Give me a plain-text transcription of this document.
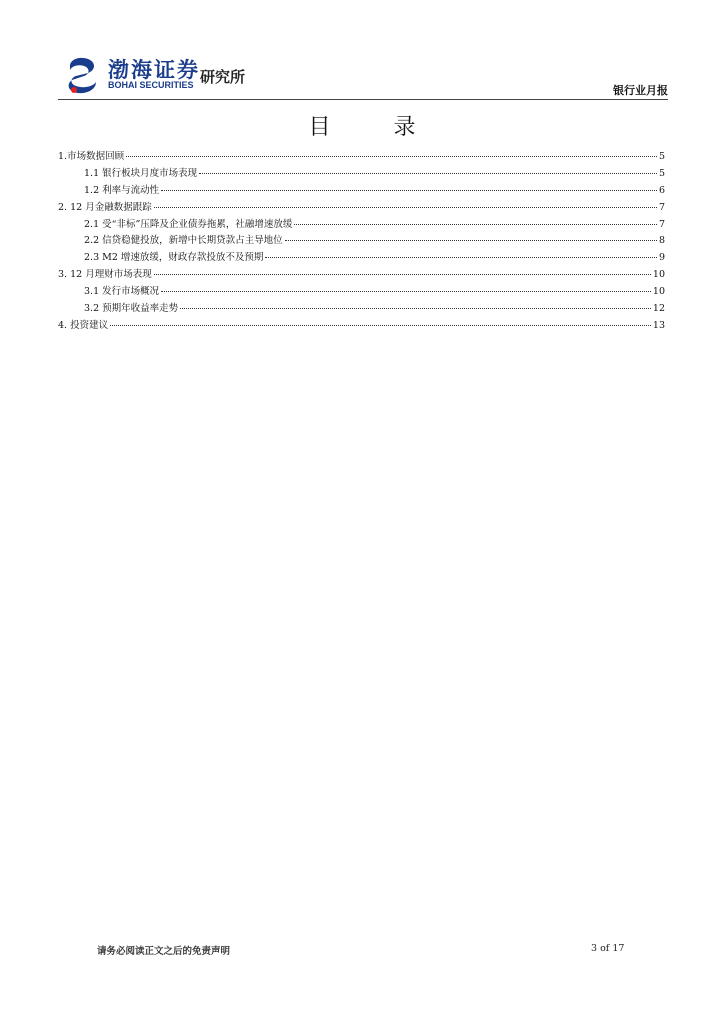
渤海证券
BOHAI SECURITIES 研究所
银行业月报
目 录
1.市场数据回顾	5
1.1 银行板块月度市场表现	5
1.2 利率与流动性	6
2. 12 月金融数据跟踪	7
2.1 受“非标”压降及企业债券拖累，社融增速放缓	7
2.2 信贷稳健投放，新增中长期贷款占主导地位	8
2.3 M2 增速放缓，财政存款投放不及预期	9
3. 12 月理财市场表现	10
3.1 发行市场概况	10
3.2 预期年收益率走势	12
4. 投资建议	13
请务必阅读正文之后的免责声明	3 of 17
